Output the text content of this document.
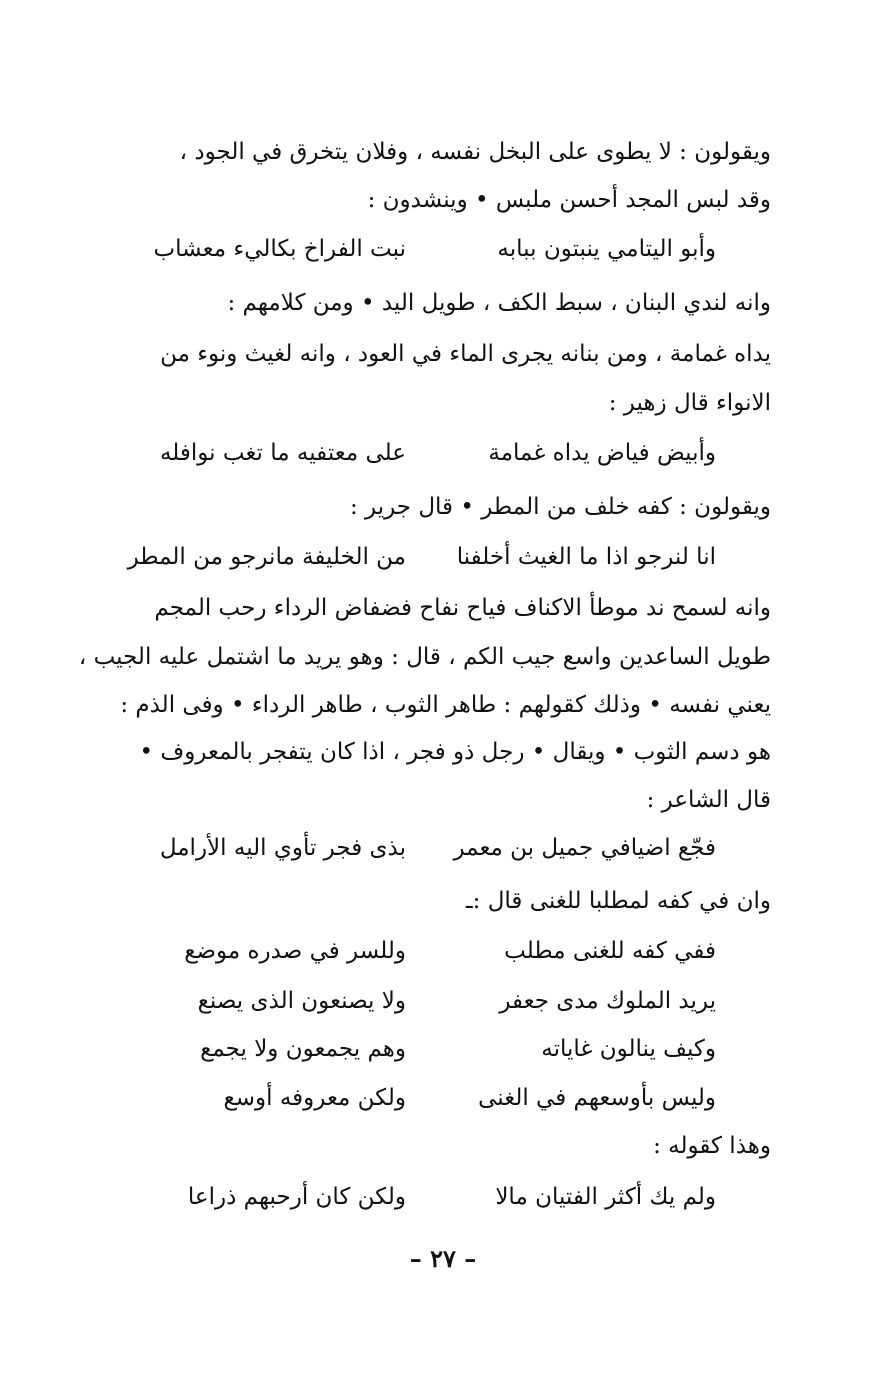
ويقولون : لا يطوى على البخل نفسه ، وفلان يتخرق في الجود ،
وقد لبس المجد أحسن ملبس • وينشدون :
وأبو اليتامي ينبتون ببابه
نبت الفراخ بكاليء معشاب
وانه لندي البنان ، سبط الكف ، طويل اليد • ومن كلامهم :
يداه غمامة ، ومن بنانه يجرى الماء في العود ، وانه لغيث ونوء من
الانواء قال زهير :
وأبيض فياض يداه غمامة
على معتفيه ما تغب نوافله
ويقولون : كفه خلف من المطر • قال جرير :
انا لنرجو اذا ما الغيث أخلفنا
من الخليفة مانرجو من المطر
وانه لسمح ند موطأ الاكناف فياح نفاح فضفاض الرداء رحب المجم
طويل الساعدين واسع جيب الكم ، قال : وهو يريد ما اشتمل عليه الجيب ،
يعني نفسه • وذلك كقولهم : طاهر الثوب ، طاهر الرداء • وفى الذم :
هو دسم الثوب • ويقال • رجل ذو فجر ، اذا كان يتفجر بالمعروف •
قال الشاعر :
فجّع اضيافي جميل بن معمر
بذى فجر تأوي اليه الأرامل
وان في كفه لمطلبا للغنى قال :ـ
ففي كفه للغنى مطلب
وللسر في صدره موضع
يريد الملوك مدى جعفر
ولا يصنعون الذى يصنع
وكيف ينالون غاياته
وهم يجمعون ولا يجمع
وليس بأوسعهم في الغنى
ولكن معروفه أوسع
وهذا كقوله :
ولم يك أكثر الفتيان مالا
ولكن كان أرحبهم ذراعا
– ٢٧ –
